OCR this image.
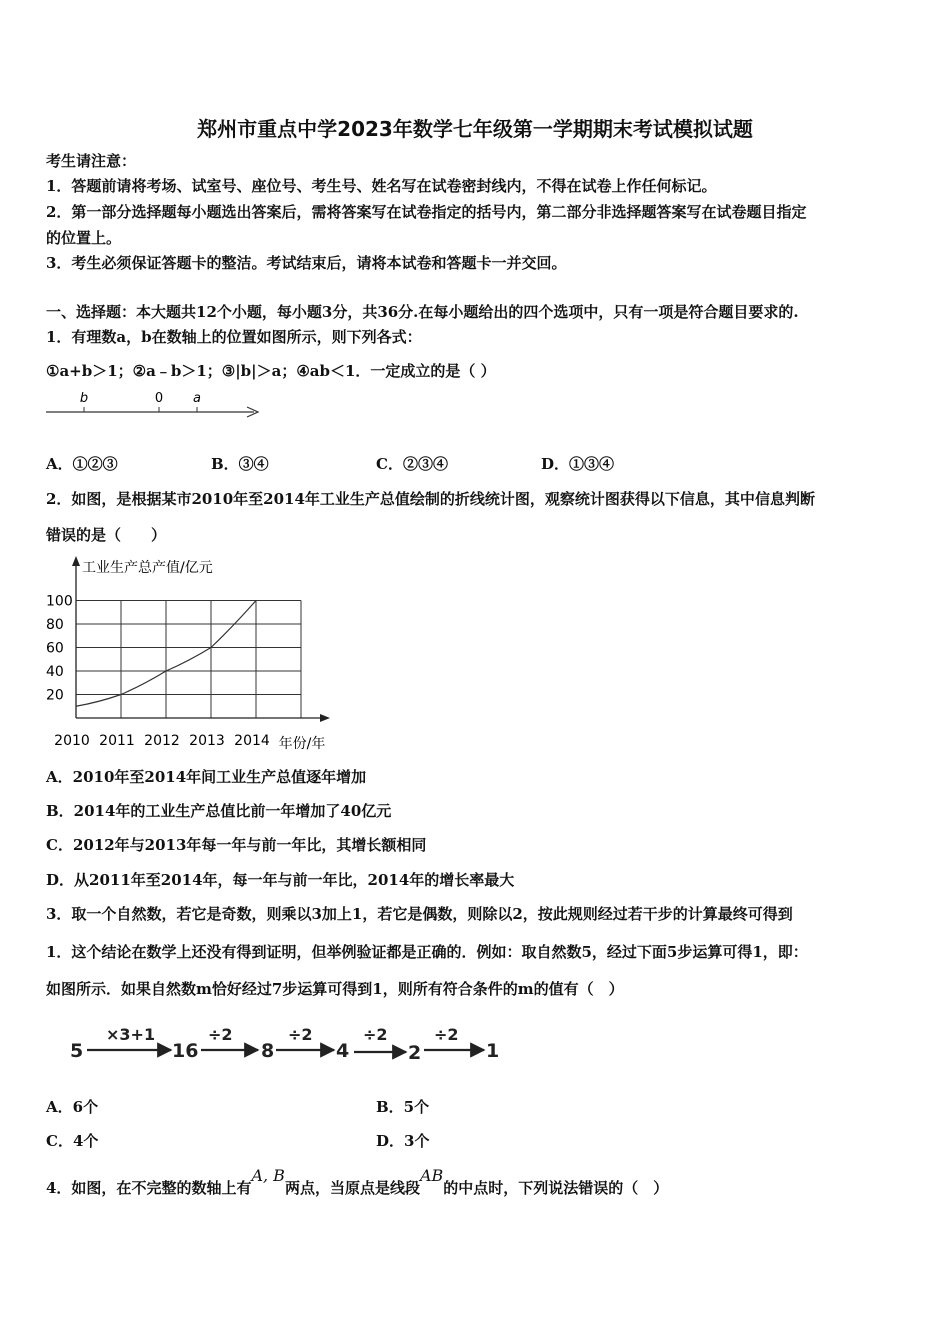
郑州市重点中学2023年数学七年级第一学期期末考试模拟试题
考生请注意：
1．答题前请将考场、试室号、座位号、考生号、姓名写在试卷密封线内，不得在试卷上作任何标记。
2．第一部分选择题每小题选出答案后，需将答案写在试卷指定的括号内，第二部分非选择题答案写在试卷题目指定
的位置上。
3．考生必须保证答题卡的整洁。考试结束后，请将本试卷和答题卡一并交回。
一、选择题：本大题共12个小题，每小题3分，共36分.在每小题给出的四个选项中，只有一项是符合题目要求的.
1．有理数a，b在数轴上的位置如图所示，则下列各式：
①a+b＞1；②a﹣b＞1；③|b|＞a；④ab＜1．一定成立的是（ ）
b	0 a
A．①②③	B．③④	C．②③④	D．①③④
2．如图，是根据某市2010年至2014年工业生产总值绘制的折线统计图，观察统计图获得以下信息，其中信息判断
错误的是（　　）
工业生产总产值/亿元
20
40
60
80
100
2010 2011 2012 2013 2014 年份/年
A．2010年至2014年间工业生产总值逐年增加
B．2014年的工业生产总值比前一年增加了40亿元
C．2012年与2013年每一年与前一年比，其增长额相同
D．从2011年至2014年，每一年与前一年比，2014年的增长率最大
3．取一个自然数，若它是奇数，则乘以3加上1，若它是偶数，则除以2，按此规则经过若干步的计算最终可得到
1．这个结论在数学上还没有得到证明，但举例验证都是正确的．例如：取自然数5，经过下面5步运算可得1，即：
如图所示．如果自然数m恰好经过7步运算可得到1，则所有符合条件的m的值有（　）
5
×3+1
16
÷2
8
÷2
4
÷2
2
÷2
1
A．6个	B．5个
C．4个	D．3个
4．如图，在不完整的数轴上有A, B两点，当原点是线段AB的中点时，下列说法错误的（　）
